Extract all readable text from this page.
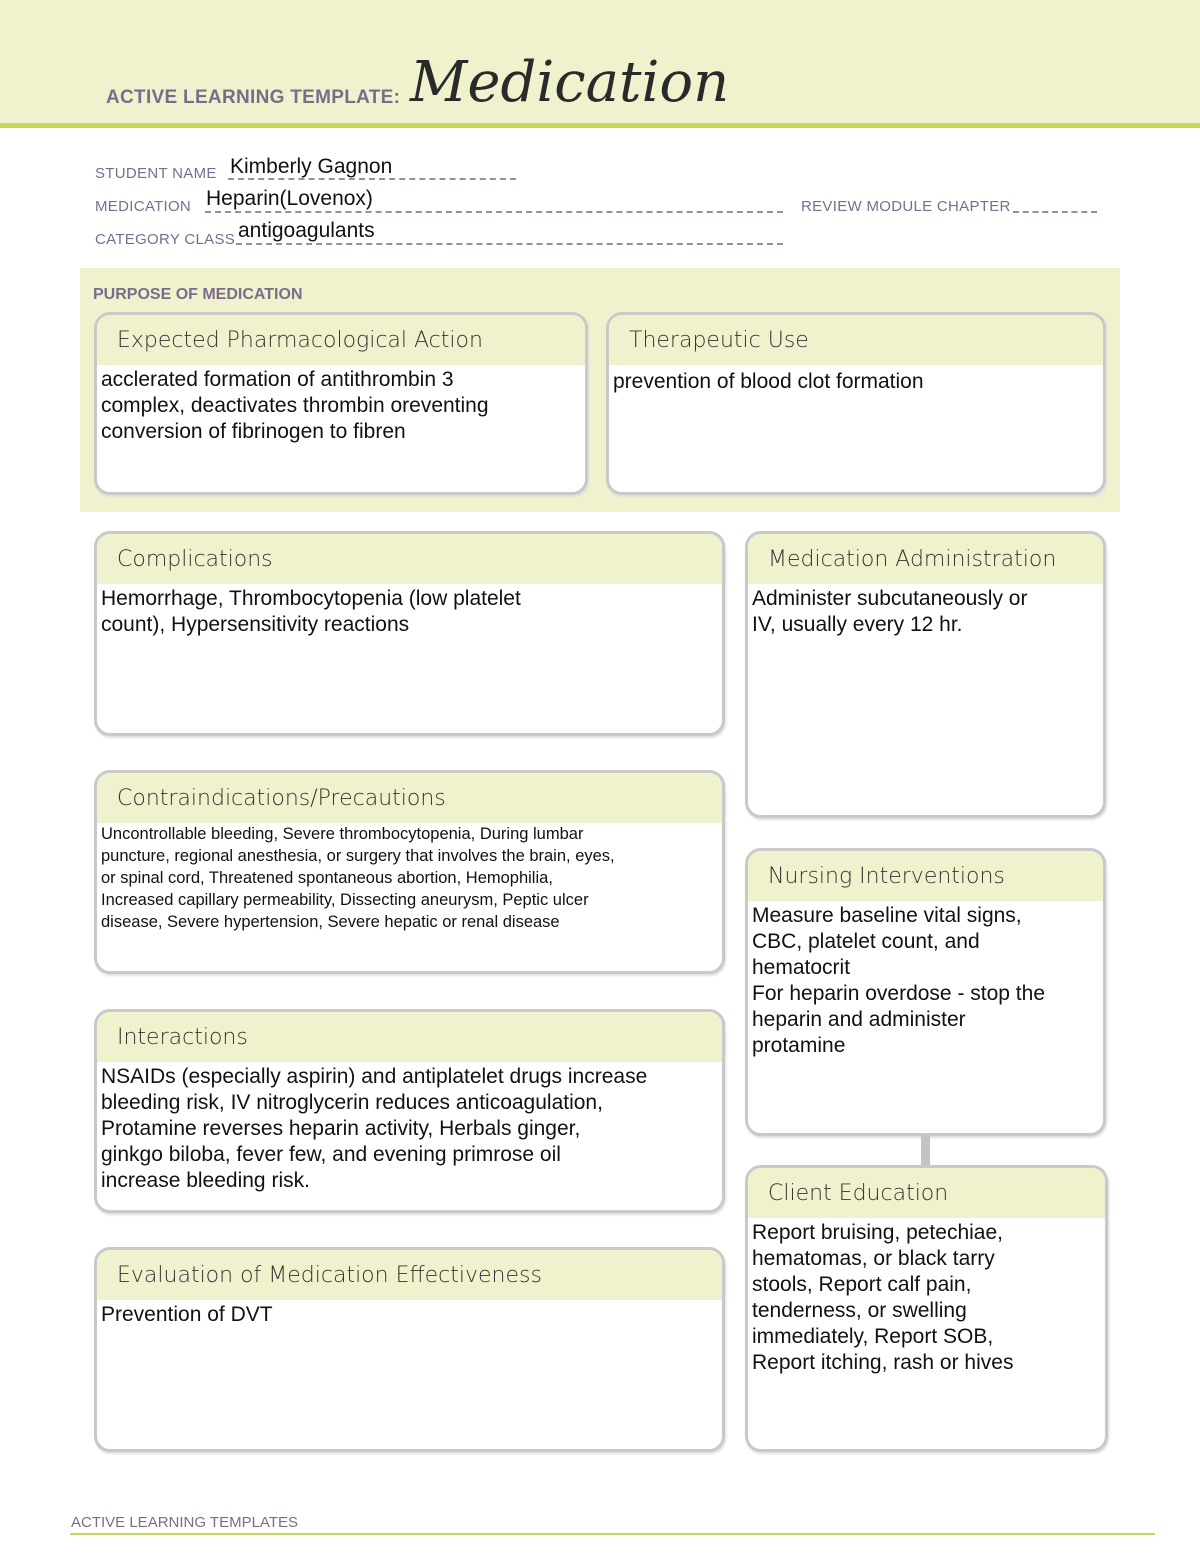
ACTIVE LEARNING TEMPLATE: Medication
STUDENT NAME Kimberly Gagnon
MEDICATION Heparin(Lovenox)	REVIEW MODULE CHAPTER
CATEGORY CLASS antigoagulants
PURPOSE OF MEDICATION
Expected Pharmacological Action
acclerated formation of antithrombin 3
complex, deactivates thrombin oreventing
conversion of fibrinogen to fibren
Therapeutic Use
prevention of blood clot formation
Complications
Hemorrhage, Thrombocytopenia (low platelet
count), Hypersensitivity reactions
Medication Administration
Administer subcutaneously or
IV, usually every 12 hr.
Contraindications/Precautions
Uncontrollable bleeding, Severe thrombocytopenia, During lumbar
puncture, regional anesthesia, or surgery that involves the brain, eyes,
or spinal cord, Threatened spontaneous abortion, Hemophilia,
Increased capillary permeability, Dissecting aneurysm, Peptic ulcer
disease, Severe hypertension, Severe hepatic or renal disease
Nursing Interventions
Measure baseline vital signs,
CBC, platelet count, and
hematocrit
For heparin overdose - stop the
heparin and administer
protamine
Interactions
NSAIDs (especially aspirin) and antiplatelet drugs increase
bleeding risk, IV nitroglycerin reduces anticoagulation,
Protamine reverses heparin activity, Herbals ginger,
ginkgo biloba, fever few, and evening primrose oil
increase bleeding risk.
Client Education
Report bruising, petechiae,
hematomas, or black tarry
stools, Report calf pain,
tenderness, or swelling
immediately, Report SOB,
Report itching, rash or hives
Evaluation of Medication Effectiveness
Prevention of DVT
ACTIVE LEARNING TEMPLATES
